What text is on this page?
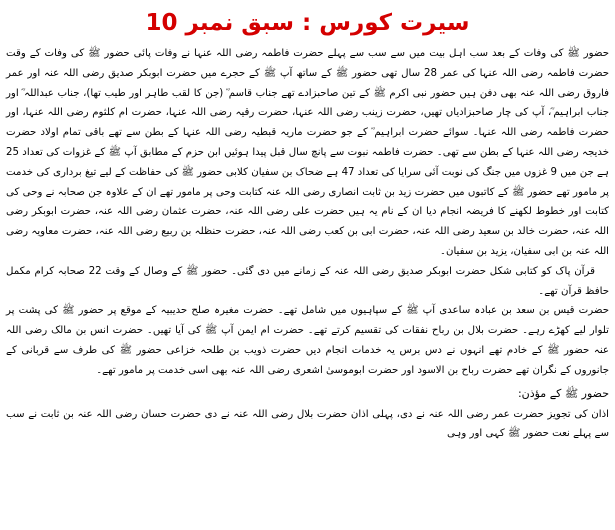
سیرت کورس : سبق نمبر 10

حضور ﷺ کی وفات کے بعد سب اہل بیت میں سے سب سے پہلے حضرت فاطمہ رضی اللہ عنہا نے وفات پائی حضور ﷺ کی وفات کے وقت حضرت فاطمہ رضی اللہ عنہا کی عمر 28 سال تھی حضور ﷺ کے ساتھ آپ ﷺ کے حجرے میں حضرت ابوبکر صدیق رضی اللہ عنہ اور عمر فاروق رضی اللہ عنہ بھی دفن ہیں حضور نبی اکرم ﷺ کے تین صاحبزادے تھے جناب قاسم ؓ (جن کا لقب طاہر اور طیب تھا)، جناب عبداللہ ؓ اور جناب ابراہیم ؓ، آپ کی چار صاحبزادیاں تھیں، حضرت زینب رضی اللہ عنہا، حضرت رقیہ رضی اللہ عنہا، حضرت ام کلثوم رضی اللہ عنہا، اور حضرت فاطمہ رضی اللہ عنہا۔ سوائے حضرت ابراہیم ؓ کے جو حضرت ماریہ قبطیہ رضی اللہ عنہا کے بطن سے تھے باقی تمام اولاد حضرت خدیجہ رضی اللہ عنہا کے بطن سے تھی۔ حضرت فاطمہ نبوت سے پانچ سال قبل پیدا ہوئیں ابن حزم کے مطابق آپ ﷺ کے غزوات کی تعداد 25 ہے جن میں 9 غزوں میں جنگ کی نوبت آئی سرایا کی تعداد 47 ہے ضحاک بن سفیان کلابی حضور ﷺ کی حفاظت کے لیے تیغ برداری کی خدمت پر مامور تھے حضور ﷺ کے کاتبوں میں حضرت زید بن ثابت انصاری رضی اللہ عنہ کتابت وحی پر مامور تھے ان کے علاوہ جن صحابہ نے وحی کی کتابت اور خطوط لکھنے کا فریضہ انجام دیا ان کے نام یہ ہیں حضرت علی رضی اللہ عنہ، حضرت عثمان رضی اللہ عنہ، حضرت ابوبکر رضی اللہ عنہ، حضرت خالد بن سعید رضی اللہ عنہ، حضرت ابی بن کعب رضی اللہ عنہ، حضرت حنظلہ بن ربیع رضی اللہ عنہ، حضرت معاویہ رضی اللہ عنہ بن ابی سفیان، یزید بن سفیان۔

قرآن پاک کو کتابی شکل حضرت ابوبکر صدیق رضی اللہ عنہ کے زمانے میں دی گئی۔ حضور ﷺ کے وصال کے وقت 22 صحابہ کرام مکمل حافظ قرآن تھے۔

حضرت قیس بن سعد بن عبادہ ساعدی آپ ﷺ کے سپاہیوں میں شامل تھے۔ حضرت مغیرہ صلح حدیبیہ کے موقع پر حضور ﷺ کی پشت پر تلوار لیے کھڑے رہے۔ حضرت بلال بن رباح نفقات کی تقسیم کرتے تھے۔ حضرت ام ایمن آپ ﷺ کی آیا تھیں۔ حضرت انس بن مالک رضی اللہ عنہ حضور ﷺ کے خادم تھے انہوں نے دس برس یہ خدمات انجام دیں حضرت ذویب بن طلحہ خزاعی حضور ﷺ کی طرف سے قربانی کے جانوروں کے نگران تھے حضرت رباح بن الاسود اور حضرت ابوموسیٰ اشعری رضی اللہ عنہ بھی اسی خدمت پر مامور تھے۔

حضور ﷺ کے مؤذن:

اذان کی تجویز حضرت عمر رضی اللہ عنہ نے دی، پہلی اذان حضرت بلال رضی اللہ عنہ نے دی حضرت حسان رضی اللہ عنہ بن ثابت نے سب سے پہلے نعت حضور ﷺ کہی اور وہی
